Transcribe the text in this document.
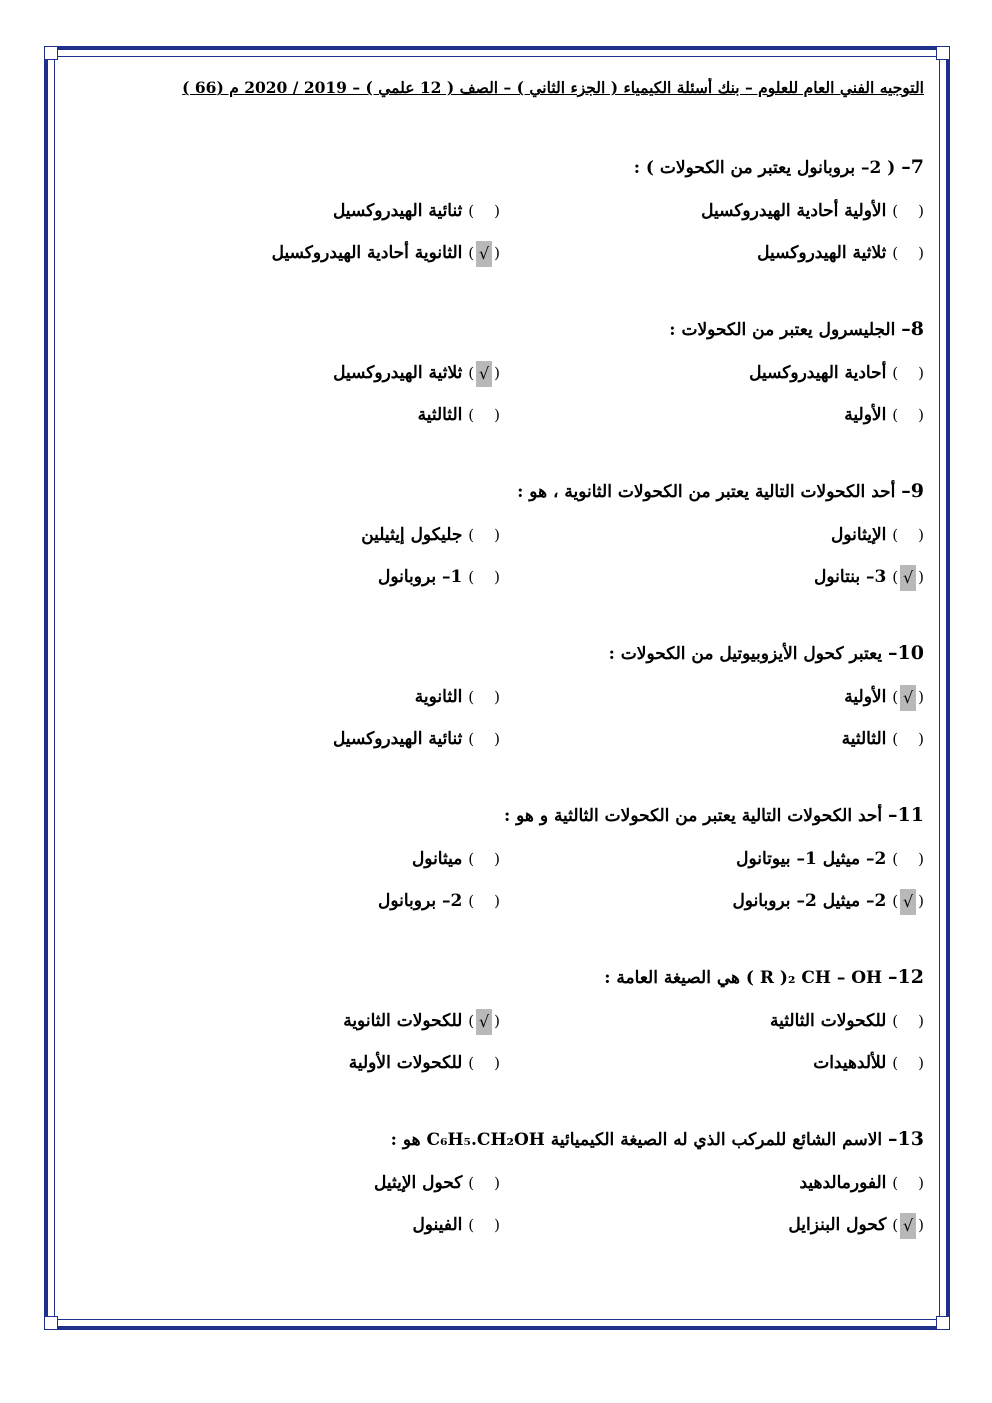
التوجيه الفني العام للعلوم – بنك أسئلة الكيمياء ( الجزء الثاني ) – الصف ( 12 علمي ) – 2019 / 2020 م (66 )
7– ( 2– بروبانول يعتبر من الكحولات ) :
() الأولية أحادية الهيدروكسيل
() ثنائية الهيدروكسيل
() ثلاثية الهيدروكسيل
(√) الثانوية أحادية الهيدروكسيل
8– الجليسرول يعتبر من الكحولات :
() أحادية الهيدروكسيل
(√) ثلاثية الهيدروكسيل
() الأولية
() الثالثية
9– أحد الكحولات التالية يعتبر من الكحولات الثانوية ، هو :
() الإيثانول
() جليكول إيثيلين
(√) 3– بنتانول
() 1– بروبانول
10– يعتبر كحول الأيزوبيوتيل من الكحولات :
(√) الأولية
() الثانوية
() الثالثية
() ثنائية الهيدروكسيل
11– أحد الكحولات التالية يعتبر من الكحولات الثالثية و هو :
() 2– ميثيل 1– بيوتانول
() ميثانول
(√) 2– ميثيل 2– بروبانول
() 2– بروبانول
12– ( R )₂ CH – OH هي الصيغة العامة :
() للكحولات الثالثية
(√) للكحولات الثانوية
() للألدهيدات
() للكحولات الأولية
13– الاسم الشائع للمركب الذي له الصيغة الكيميائية C₆H₅.CH₂OH هو :
() الفورمالدهيد
() كحول الإيثيل
(√) كحول البنزايل
() الفينول
